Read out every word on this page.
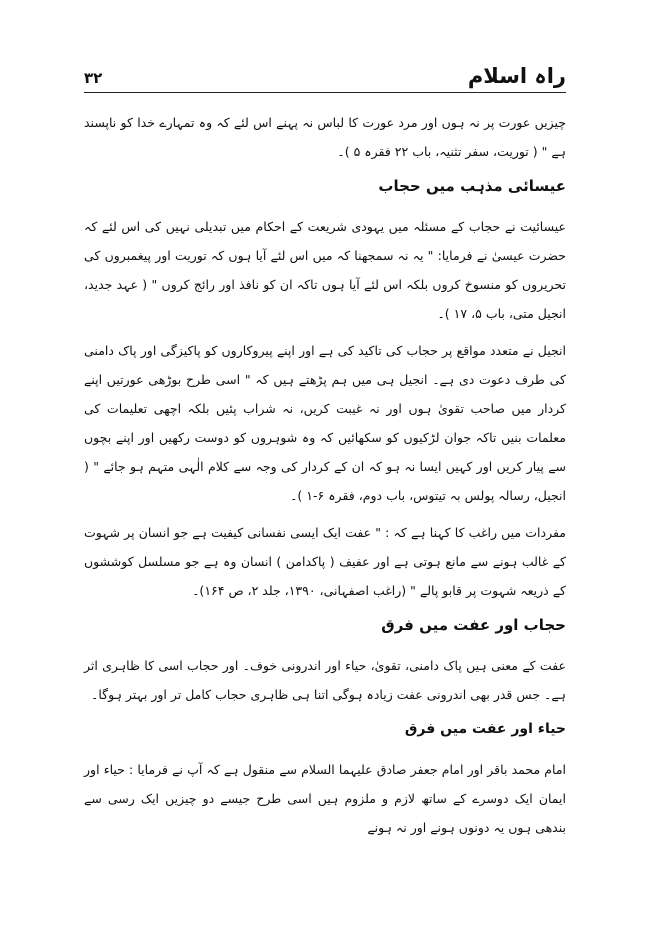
راہ اسلام
۳۲

چیزیں عورت پر نہ ہوں اور مرد عورت کا لباس نہ پہنے اس لئے کہ وہ تمہارے خدا کو ناپسند ہے " ( توریت، سفر تثنیہ، باب ۲۲ فقرہ ۵ )۔

عیسائی مذہب میں حجاب

عیسائیت نے حجاب کے مسئلہ میں یہودی شریعت کے احکام میں تبدیلی نہیں کی اس لئے کہ حضرت عیسیٰ نے فرمایا: " یہ نہ سمجھنا کہ میں اس لئے آیا ہوں کہ توریت اور پیغمبروں کی تحریروں کو منسوخ کروں بلکہ اس لئے آیا ہوں تاکہ ان کو نافذ اور رائج کروں " ( عہد جدید، انجیل متی، باب ۵، ۱۷ )۔

انجیل نے متعدد مواقع پر حجاب کی تاکید کی ہے اور اپنے پیروکاروں کو پاکیزگی اور پاک دامنی کی طرف دعوت دی ہے۔ انجیل ہی میں ہم پڑھتے ہیں کہ " اسی طرح بوڑھی عورتیں اپنے کردار میں صاحب تقویٰ ہوں اور نہ غیبت کریں، نہ شراب پئیں بلکہ اچھی تعلیمات کی معلمات بنیں تاکہ جوان لڑکیوں کو سکھائیں کہ وہ شوہروں کو دوست رکھیں اور اپنے بچوں سے پیار کریں اور کہیں ایسا نہ ہو کہ ان کے کردار کی وجہ سے کلام الٰہی متہم ہو جائے " ( انجیل، رسالہ پولس بہ تیتوس، باب دوم، فقرہ ۶-۱ )۔

مفردات میں راغب کا کہنا ہے کہ : " عفت ایک ایسی نفسانی کیفیت ہے جو انسان پر شہوت کے غالب ہونے سے مانع ہوتی ہے اور عفیف ( پاکدامن ) انسان وہ ہے جو مسلسل کوششوں کے ذریعہ شہوت پر قابو پالے " (راغب اصفہانی، ۱۳۹۰، جلد ۲، ص ۱۶۴)۔

حجاب اور عفت میں فرق

عفت کے معنی ہیں پاک دامنی، تقویٰ، حیاء اور اندرونی خوف۔ اور حجاب اسی کا ظاہری اثر ہے۔ جس قدر بھی اندرونی عفت زیادہ ہوگی اتنا ہی ظاہری حجاب کامل تر اور بہتر ہوگا۔

حیاء اور عفت میں فرق

امام محمد باقر اور امام جعفر صادق علیہما السلام سے منقول ہے کہ آپ نے فرمایا : حیاء اور ایمان ایک دوسرے کے ساتھ لازم و ملزوم ہیں اسی طرح جیسے دو چیزیں ایک رسی سے بندھی ہوں یہ دونوں ہونے اور نہ ہونے
